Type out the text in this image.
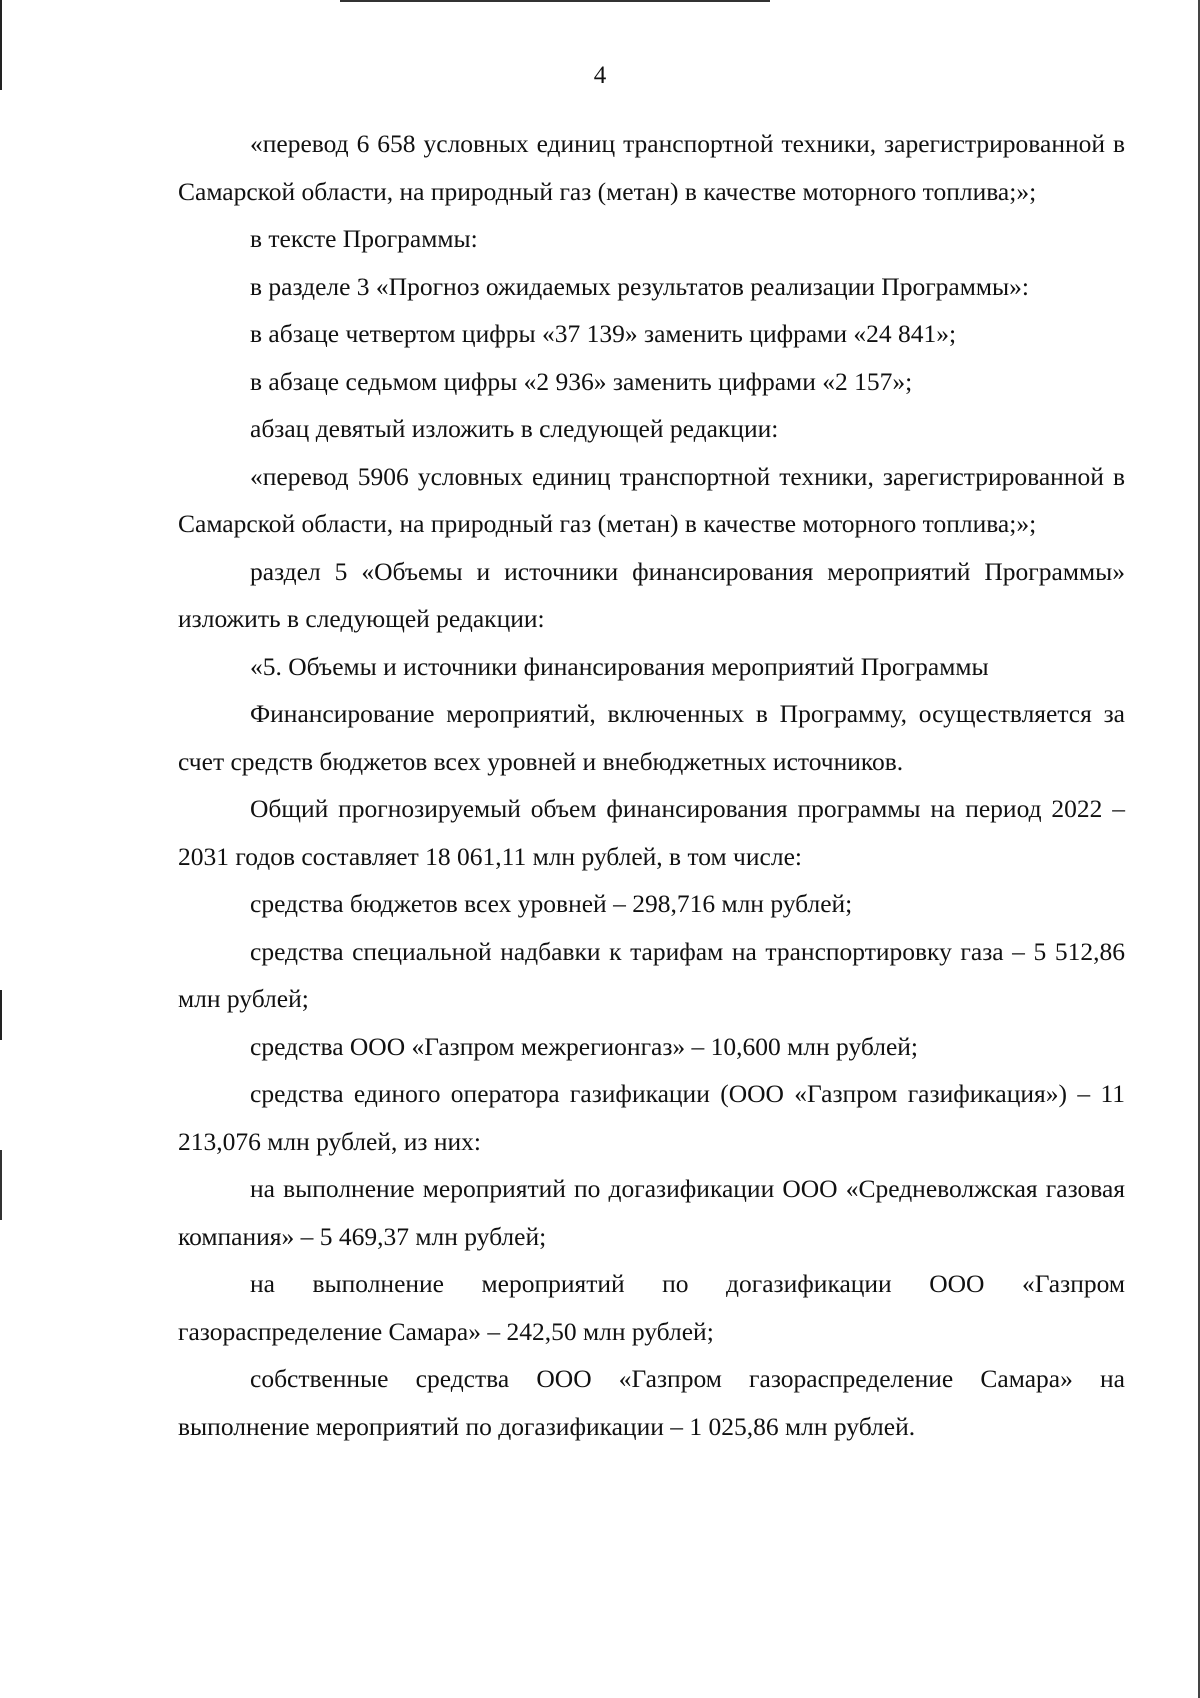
4

«перевод 6 658 условных единиц транспортной техники, зарегистрированной в Самарской области, на природный газ (метан) в качестве моторного топлива;»;

в тексте Программы:

в разделе 3 «Прогноз ожидаемых результатов реализации Программы»:

в абзаце четвертом цифры «37 139» заменить цифрами «24 841»;

в абзаце седьмом цифры «2 936» заменить цифрами «2 157»;

абзац девятый изложить в следующей редакции:

«перевод 5906 условных единиц транспортной техники, зарегистрированной в Самарской области, на природный газ (метан) в качестве моторного топлива;»;

раздел 5 «Объемы и источники финансирования мероприятий Программы» изложить в следующей редакции:

«5. Объемы и источники финансирования мероприятий Программы

Финансирование мероприятий, включенных в Программу, осуществляется за счет средств бюджетов всех уровней и внебюджетных источников.

Общий прогнозируемый объем финансирования программы на период 2022 – 2031 годов составляет 18 061,11 млн рублей, в том числе:

средства бюджетов всех уровней – 298,716 млн рублей;

средства специальной надбавки к тарифам на транспортировку газа – 5 512,86 млн рублей;

средства ООО «Газпром межрегионгаз» – 10,600 млн рублей;

средства единого оператора газификации (ООО «Газпром газификация») – 11 213,076 млн рублей, из них:

на выполнение мероприятий по догазификации ООО «Средневолжская газовая компания» – 5 469,37 млн рублей;

на выполнение мероприятий по догазификации ООО «Газпром газораспределение Самара» – 242,50 млн рублей;

собственные средства ООО «Газпром газораспределение Самара» на выполнение мероприятий по догазификации – 1 025,86 млн рублей.
